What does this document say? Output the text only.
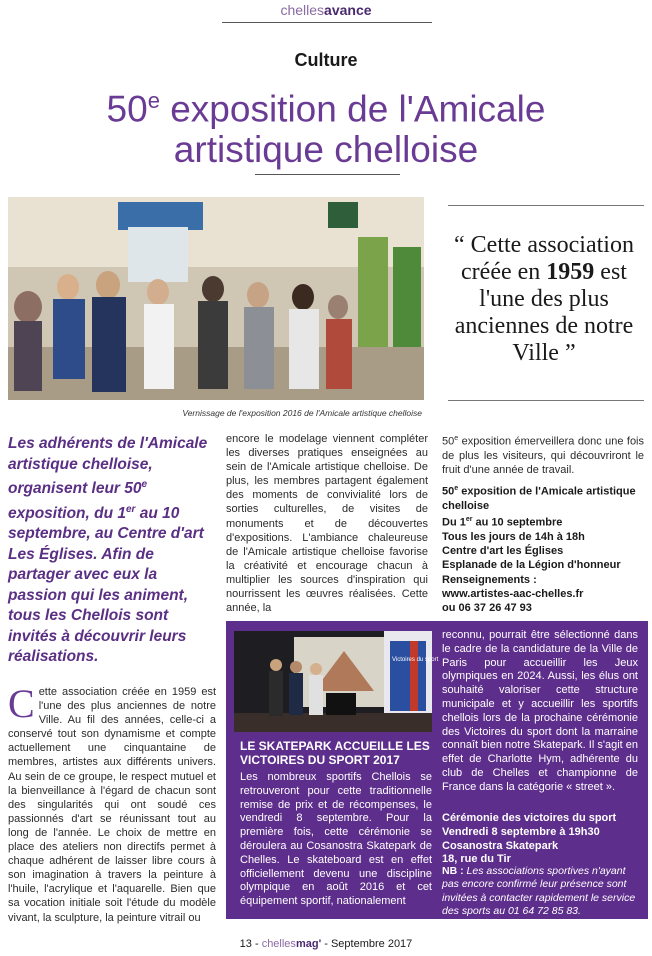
chellesavance
Culture
50e exposition de l'Amicale artistique chelloise
Vernissage de l'exposition 2016 de l'Amicale artistique chelloise
“ Cette association créée en 1959 est l'une des plus anciennes de notre Ville ”
Les adhérents de l'Amicale artistique chelloise, organisent leur 50e exposition, du 1er au 10 septembre, au Centre d'art Les Églises. Afin de partager avec eux la passion qui les animent, tous les Chellois sont invités à découvrir leurs réalisations.
Cette association créée en 1959 est l'une des plus anciennes de notre Ville. Au fil des années, celle-ci a conservé tout son dynamisme et compte actuellement une cinquantaine de membres, artistes aux différents univers. Au sein de ce groupe, le respect mutuel et la bienveillance à l'égard de chacun sont des singularités qui ont soudé ces passionnés d'art se réunissant tout au long de l'année. Le choix de mettre en place des ateliers non directifs permet à chaque adhérent de laisser libre cours à son imagination à travers la peinture à l'huile, l'acrylique et l'aquarelle. Bien que sa vocation initiale soit l'étude du modèle vivant, la sculpture, la peinture vitrail ou
encore le modelage viennent compléter les diverses pratiques enseignées au sein de l'Amicale artistique chelloise. De plus, les membres partagent également des moments de convivialité lors de sorties culturelles, de visites de monuments et de découvertes d'expositions. L'ambiance chaleureuse de l'Amicale artistique chelloise favorise la créativité et encourage chacun à multiplier les sources d'inspiration qui nourrissent les œuvres réalisées. Cette année, la
50e exposition émerveillera donc une fois de plus les visiteurs, qui découvriront le fruit d'une année de travail.
50e exposition de l'Amicale artistique chelloise
Du 1er au 10 septembre
Tous les jours de 14h à 18h
Centre d'art les Églises
Esplanade de la Légion d'honneur
Renseignements :
www.artistes-aac-chelles.fr
ou 06 37 26 47 93
Victoires du sport
LE SKATEPARK ACCUEILLE LES VICTOIRES DU SPORT 2017
Les nombreux sportifs Chellois se retrouveront pour cette traditionnelle remise de prix et de récompenses, le vendredi 8 septembre. Pour la première fois, cette cérémonie se déroulera au Cosanostra Skatepark de Chelles. Le skateboard est en effet officiellement devenu une discipline olympique en août 2016 et cet équipement sportif, nationalement
reconnu, pourrait être sélectionné dans le cadre de la candidature de la Ville de Paris pour accueillir les Jeux olympiques en 2024. Aussi, les élus ont souhaité valoriser cette structure municipale et y accueillir les sportifs chellois lors de la prochaine cérémonie des Victoires du sport dont la marraine connaît bien notre Skatepark. Il s'agit en effet de Charlotte Hym, adhérente du club de Chelles et championne de France dans la catégorie « street ».
Cérémonie des victoires du sport
Vendredi 8 septembre à 19h30
Cosanostra Skatepark
18, rue du Tir
NB : Les associations sportives n'ayant pas encore confirmé leur présence sont invitées à contacter rapidement le service des sports au 01 64 72 85 83.
13 - chellesmag' - Septembre 2017
